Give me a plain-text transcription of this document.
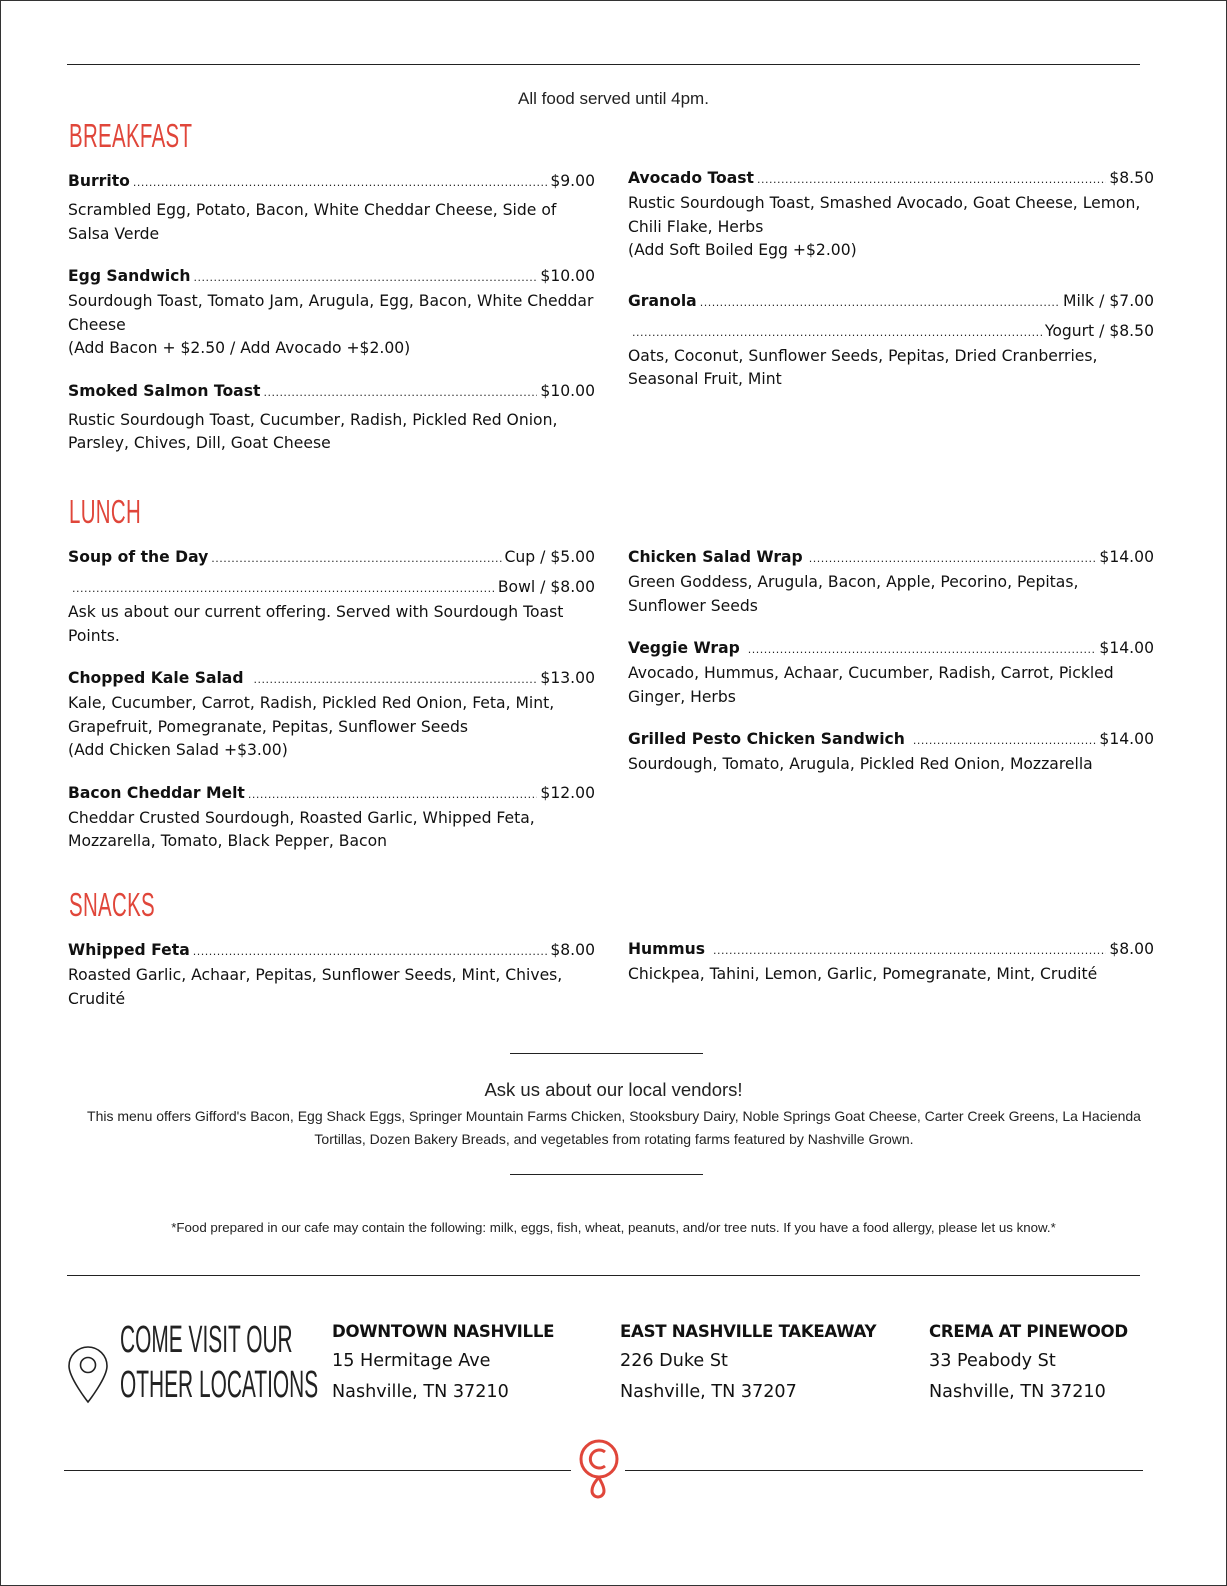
All food served until 4pm.
BREAKFAST
Burrito .....	$9.00
Scrambled Egg, Potato, Bacon, White Cheddar Cheese, Side of Salsa Verde
Egg Sandwich .....	$10.00
Sourdough Toast, Tomato Jam, Arugula, Egg, Bacon, White Cheddar Cheese
(Add Bacon + $2.50 / Add Avocado +$2.00)
Smoked Salmon Toast .....	$10.00
Rustic Sourdough Toast, Cucumber, Radish, Pickled Red Onion, Parsley, Chives, Dill, Goat Cheese
Avocado Toast .....	$8.50
Rustic Sourdough Toast, Smashed Avocado, Goat Cheese, Lemon, Chili Flake, Herbs
(Add Soft Boiled Egg +$2.00)
Granola .....	Milk / $7.00
.....
Yogurt / $8.50
Oats, Coconut, Sunflower Seeds, Pepitas, Dried Cranberries, Seasonal Fruit, Mint
LUNCH
Soup of the Day .....	Cup / $5.00
.....
Bowl / $8.00
Ask us about our current offering. Served with Sourdough Toast Points.
Chopped Kale Salad .....	$13.00
Kale, Cucumber, Carrot, Radish, Pickled Red Onion, Feta, Mint, Grapefruit, Pomegranate, Pepitas, Sunflower Seeds
(Add Chicken Salad +$3.00)
Bacon Cheddar Melt .....	$12.00
Cheddar Crusted Sourdough, Roasted Garlic, Whipped Feta, Mozzarella, Tomato, Black Pepper, Bacon
Chicken Salad Wrap .....	$14.00
Green Goddess, Arugula, Bacon, Apple, Pecorino, Pepitas, Sunflower Seeds
Veggie Wrap .....	$14.00
Avocado, Hummus, Achaar, Cucumber, Radish, Carrot, Pickled Ginger, Herbs
Grilled Pesto Chicken Sandwich .....	$14.00
Sourdough, Tomato, Arugula, Pickled Red Onion, Mozzarella
SNACKS
Whipped Feta .....	$8.00
Roasted Garlic, Achaar, Pepitas, Sunflower Seeds, Mint, Chives, Crudité
Hummus .....	$8.00
Chickpea, Tahini, Lemon, Garlic, Pomegranate, Mint, Crudité
Ask us about our local vendors!
This menu offers Gifford's Bacon, Egg Shack Eggs, Springer Mountain Farms Chicken, Stooksbury Dairy, Noble Springs Goat Cheese, Carter Creek Greens, La Hacienda Tortillas, Dozen Bakery Breads, and vegetables from rotating farms featured by Nashville Grown.
*Food prepared in our cafe may contain the following: milk, eggs, fish, wheat, peanuts, and/or tree nuts. If you have a food allergy, please let us know.*
COME VISIT OUR
OTHER LOCATIONS
DOWNTOWN NASHVILLE
15 Hermitage Ave
Nashville, TN 37210
EAST NASHVILLE TAKEAWAY
226 Duke St
Nashville, TN 37207
CREMA AT PINEWOOD
33 Peabody St
Nashville, TN 37210
